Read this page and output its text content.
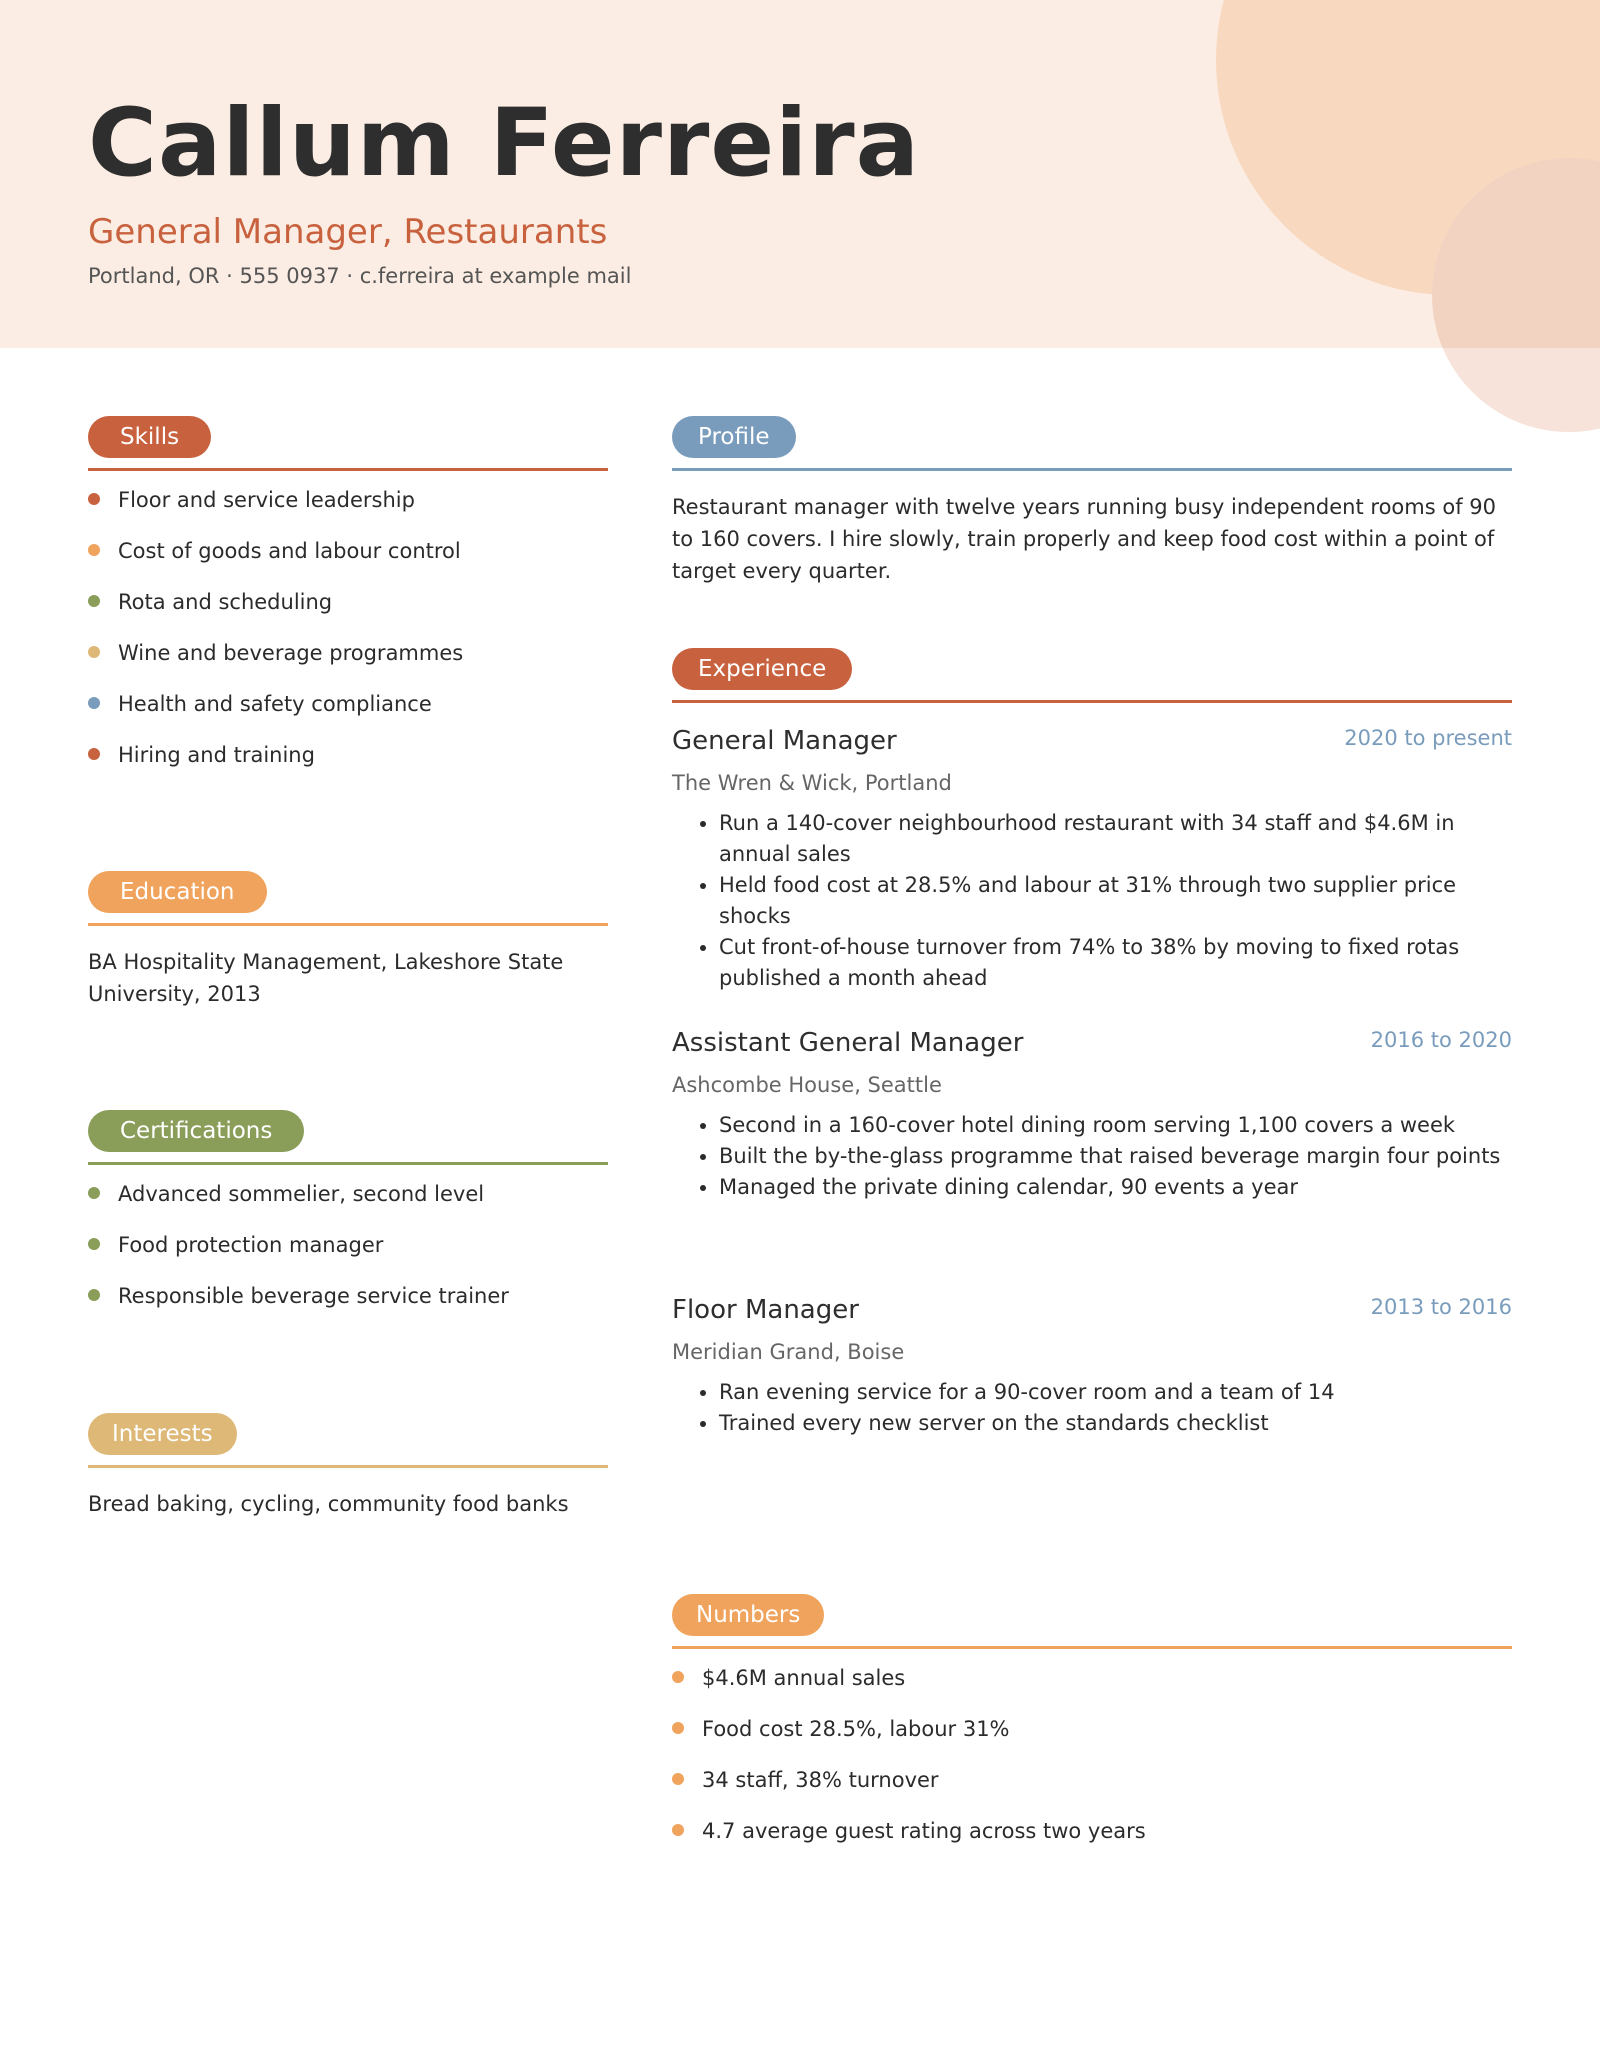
Callum Ferreira
General Manager, Restaurants
Portland, OR · 555 0937 · c.ferreira at example mail
Skills
Floor and service leadership
Cost of goods and labour control
Rota and scheduling
Wine and beverage programmes
Health and safety compliance
Hiring and training
Education

BA Hospitality Management, Lakeshore State University, 2013

Certifications
Advanced sommelier, second level
Food protection manager
Responsible beverage service trainer
Interests

Bread baking, cycling, community food banks

Profile

Restaurant manager with twelve years running busy independent rooms of 90 to 160 covers. I hire slowly, train properly and keep food cost within a point of target every quarter.

Experience
General Manager	2020 to present
The Wren & Wick, Portland
Run a 140-cover neighbourhood restaurant with 34 staff and $4.6M in annual sales
Held food cost at 28.5% and labour at 31% through two supplier price shocks
Cut front-of-house turnover from 74% to 38% by moving to fixed rotas published a month ahead
Assistant General Manager	2016 to 2020
Ashcombe House, Seattle
Second in a 160-cover hotel dining room serving 1,100 covers a week
Built the by-the-glass programme that raised beverage margin four points
Managed the private dining calendar, 90 events a year
Floor Manager	2013 to 2016
Meridian Grand, Boise
Ran evening service for a 90-cover room and a team of 14
Trained every new server on the standards checklist
Numbers
$4.6M annual sales
Food cost 28.5%, labour 31%
34 staff, 38% turnover
4.7 average guest rating across two years
